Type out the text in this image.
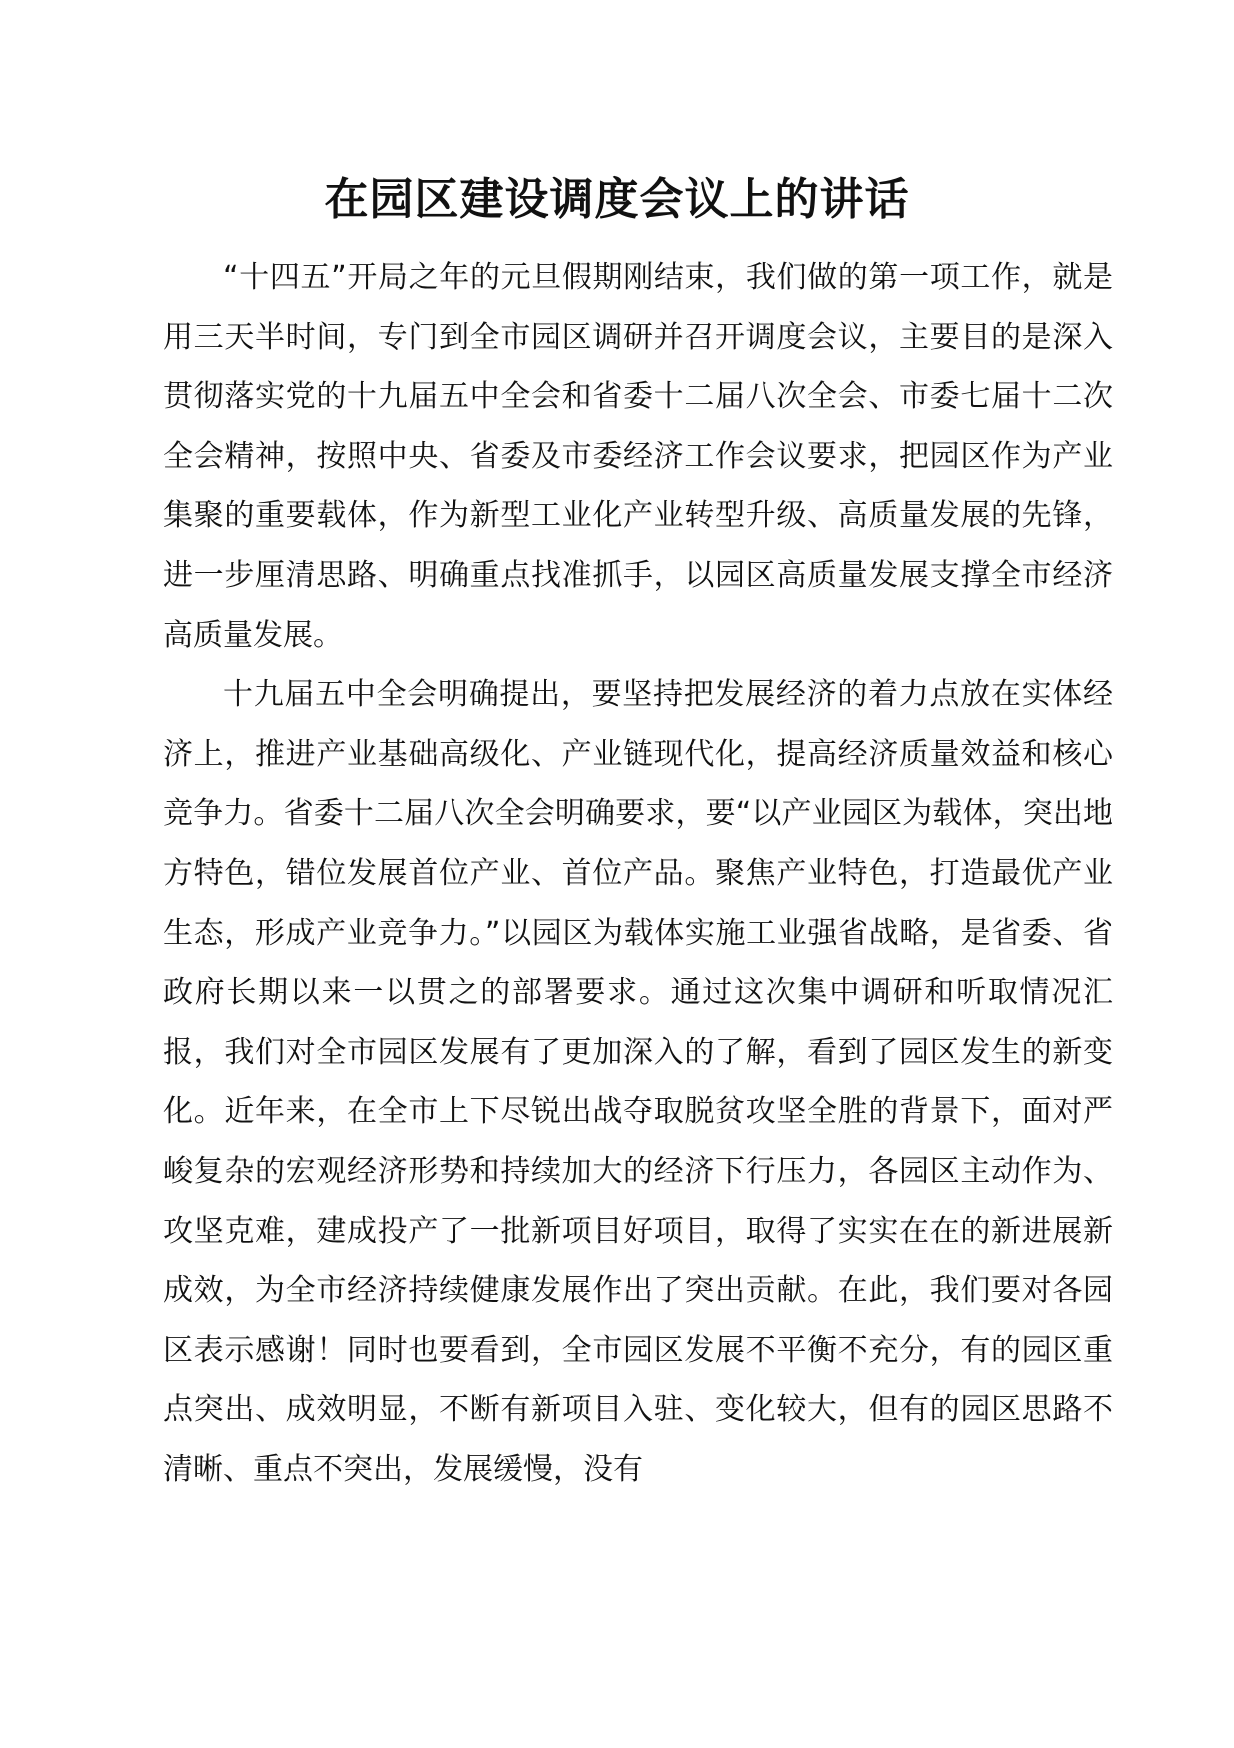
在园区建设调度会议上的讲话

“十四五”开局之年的元旦假期刚结束，我们做的第一项工作，就是用三天半时间，专门到全市园区调研并召开调度会议，主要目的是深入贯彻落实党的十九届五中全会和省委十二届八次全会、市委七届十二次全会精神，按照中央、省委及市委经济工作会议要求，把园区作为产业集聚的重要载体，作为新型工业化产业转型升级、高质量发展的先锋，进一步厘清思路、明确重点找准抓手，以园区高质量发展支撑全市经济高质量发展。

十九届五中全会明确提出，要坚持把发展经济的着力点放在实体经济上，推进产业基础高级化、产业链现代化，提高经济质量效益和核心竞争力。省委十二届八次全会明确要求，要“以产业园区为载体，突出地方特色，错位发展首位产业、首位产品。聚焦产业特色，打造最优产业生态，形成产业竞争力。”以园区为载体实施工业强省战略，是省委、省政府长期以来一以贯之的部署要求。通过这次集中调研和听取情况汇报，我们对全市园区发展有了更加深入的了解，看到了园区发生的新变化。近年来，在全市上下尽锐出战夺取脱贫攻坚全胜的背景下，面对严峻复杂的宏观经济形势和持续加大的经济下行压力，各园区主动作为、攻坚克难，建成投产了一批新项目好项目，取得了实实在在的新进展新成效，为全市经济持续健康发展作出了突出贡献。在此，我们要对各园区表示感谢！同时也要看到，全市园区发展不平衡不充分，有的园区重点突出、成效明显，不断有新项目入驻、变化较大，但有的园区思路不清晰、重点不突出，发展缓慢，没有
